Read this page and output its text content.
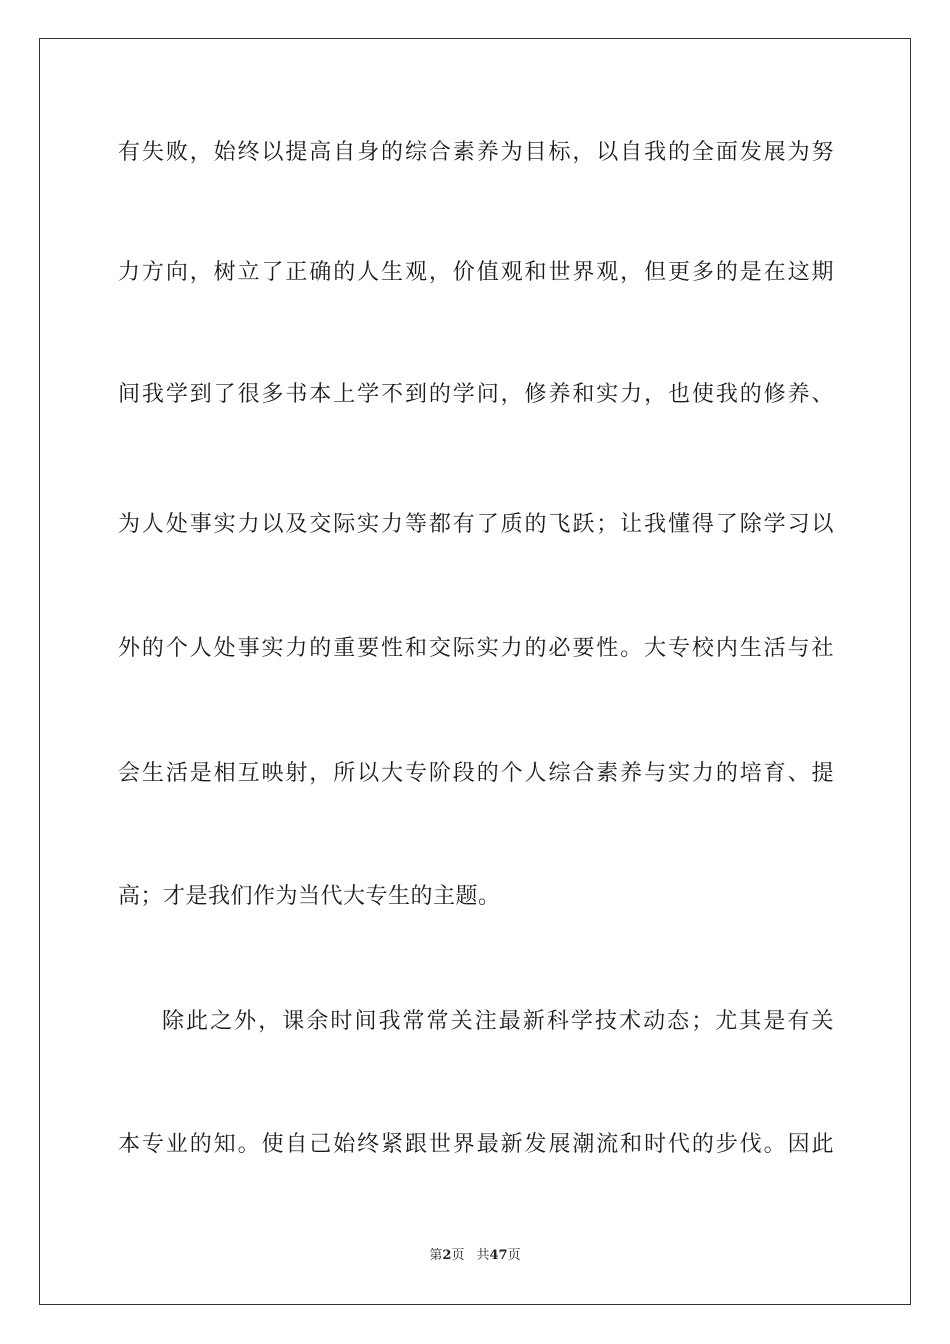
有失败，始终以提高自身的综合素养为目标，以自我的全面发展为努
力方向，树立了正确的人生观，价值观和世界观，但更多的是在这期
间我学到了很多书本上学不到的学问，修养和实力，也使我的修养、
为人处事实力以及交际实力等都有了质的飞跃；让我懂得了除学习以
外的个人处事实力的重要性和交际实力的必要性。大专校内生活与社
会生活是相互映射，所以大专阶段的个人综合素养与实力的培育、提
高；才是我们作为当代大专生的主题。
除此之外，课余时间我常常关注最新科学技术动态；尤其是有关
本专业的知。使自己始终紧跟世界最新发展潮流和时代的步伐。因此
第2页 共47页
